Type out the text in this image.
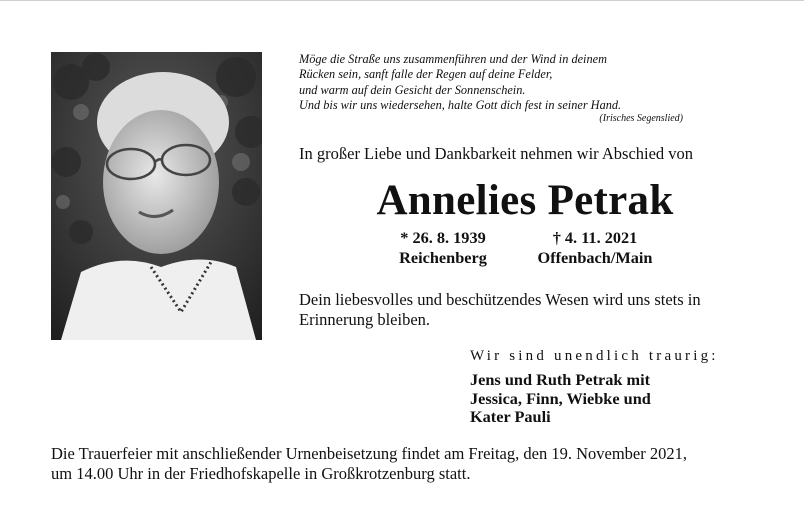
Möge die Straße uns zusammenführen und der Wind in deinem
Rücken sein, sanft falle der Regen auf deine Felder,
und warm auf dein Gesicht der Sonnenschein.
Und bis wir uns wiedersehen, halte Gott dich fest in seiner Hand.
(Irisches Segenslied)
In großer Liebe und Dankbarkeit nehmen wir Abschied von
Annelies Petrak
* 26. 8. 1939
Reichenberg
† 4. 11. 2021
Offenbach/Main
Dein liebesvolles und beschützendes Wesen wird uns stets in Erinnerung bleiben.
Wir sind unendlich traurig:
Jens und Ruth Petrak mit
Jessica, Finn, Wiebke und
Kater Pauli
Die Trauerfeier mit anschließender Urnenbeisetzung findet am Freitag, den 19. November 2021,
um 14.00 Uhr in der Friedhofskapelle in Großkrotzenburg statt.
